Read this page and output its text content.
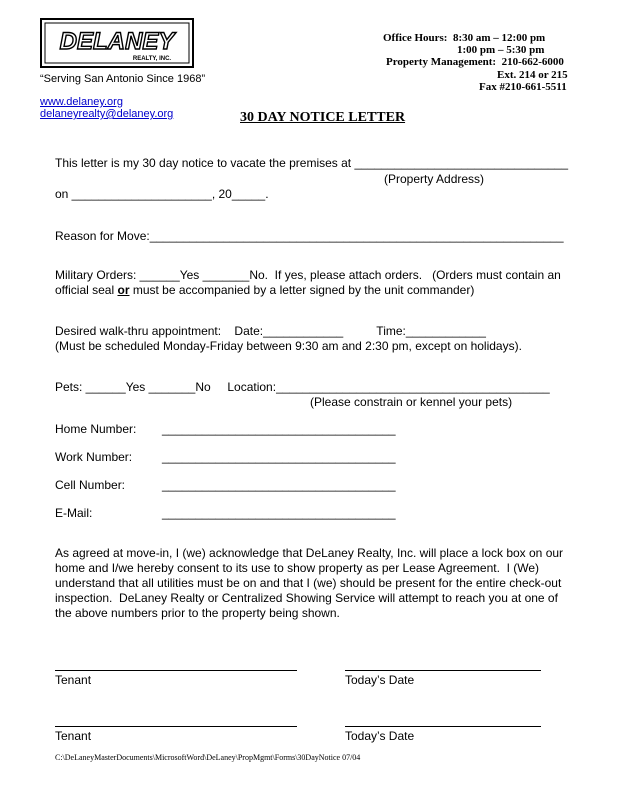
DELANEY
REALTY, INC.
“Serving San Antonio Since 1968”
www.delaney.org
delaneyrealty@delaney.org
Office Hours:  8:30 am – 12:00 pm
1:00 pm – 5:30 pm
Property Management:  210-662-6000
Ext. 214 or 215
Fax #210-661-5511
30 DAY NOTICE LETTER
This letter is my 30 day notice to vacate the premises at ________________________________
(Property Address)
on _____________________, 20_____.
Reason for Move:______________________________________________________________
Military Orders: ______Yes _______No.  If yes, please attach orders.   (Orders must contain an
official seal or must be accompanied by a letter signed by the unit commander)
Desired walk-thru appointment:    Date:____________          Time:____________
(Must be scheduled Monday-Friday between 9:30 am and 2:30 pm, except on holidays).
Pets: ______Yes _______No     Location:_________________________________________
(Please constrain or kennel your pets)
Home Number: ___________________________________
Work Number: ___________________________________
Cell Number:	___________________________________
E-Mail:	___________________________________
As agreed at move-in, I (we) acknowledge that DeLaney Realty, Inc. will place a lock box on our
home and I/we hereby consent to its use to show property as per Lease Agreement.  I (We)
understand that all utilities must be on and that I (we) should be present for the entire check-out
inspection.  DeLaney Realty or Centralized Showing Service will attempt to reach you at one of
the above numbers prior to the property being shown.
Tenant	Today’s Date
Tenant	Today’s Date
C:\DeLaneyMasterDocuments\MicrosoftWord\DeLaney\PropMgmt\Forms\30DayNotice 07/04
